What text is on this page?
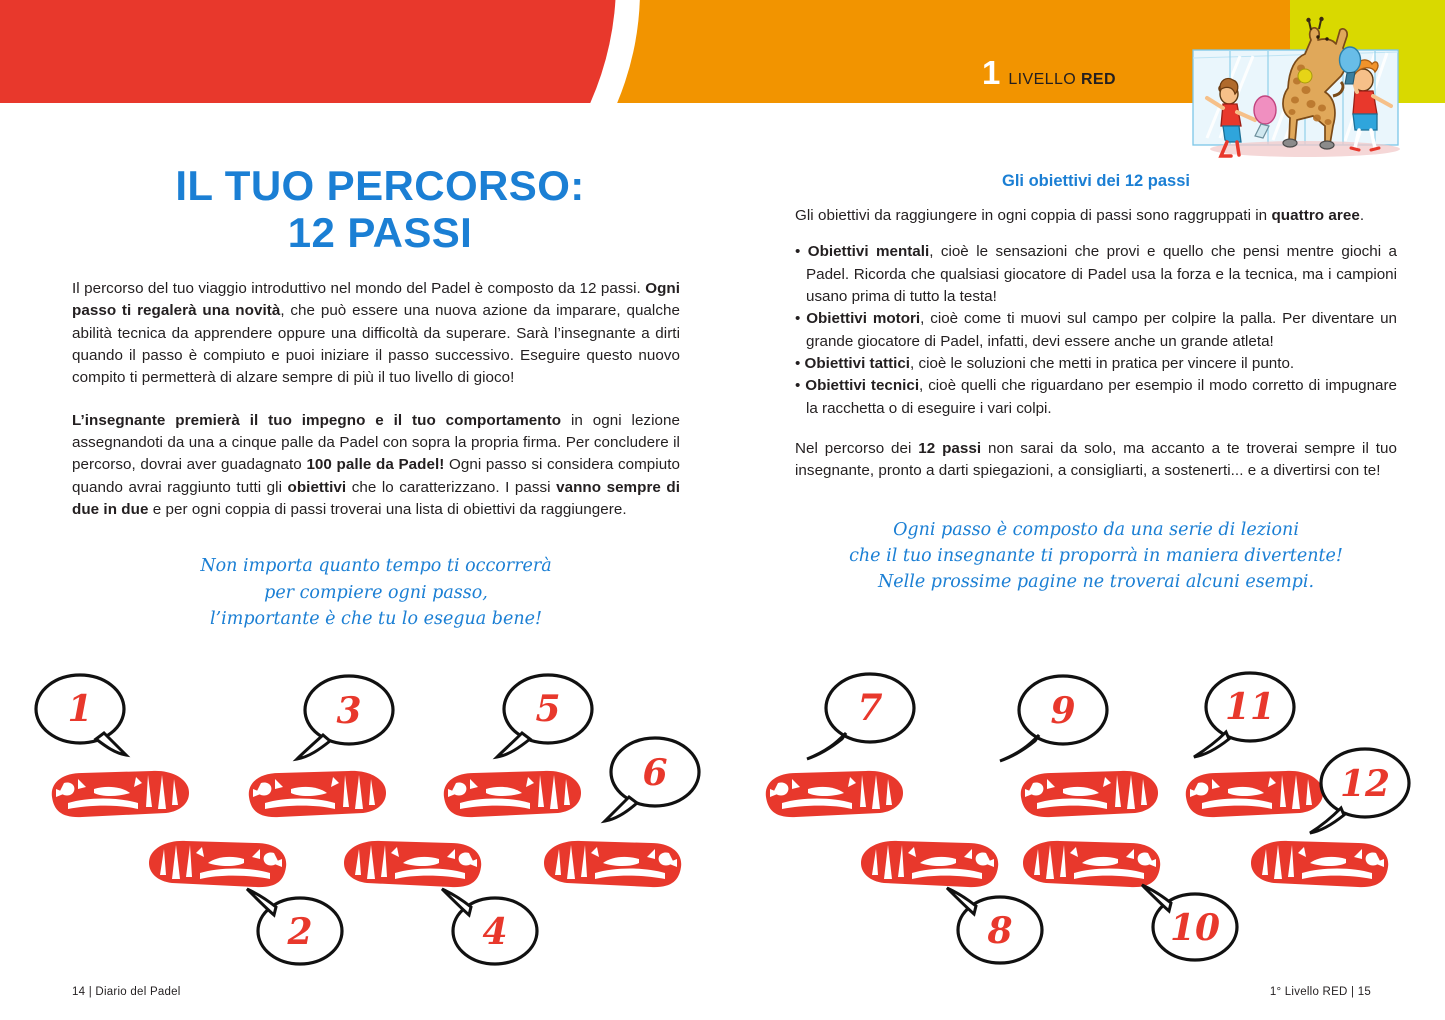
1 LIVELLO RED
IL TUO PERCORSO:
12 PASSI

Il percorso del tuo viaggio introduttivo nel mondo del Padel è composto da 12 passi. Ogni passo ti regalerà una novità, che può essere una nuova azione da imparare, qualche abilità tecnica da apprendere oppure una difficoltà da superare. Sarà l’insegnante a dirti quando il passo è compiuto e puoi iniziare il passo successivo. Eseguire questo nuovo compito ti permetterà di alzare sempre di più il tuo livello di gioco!

L’insegnante premierà il tuo impegno e il tuo comportamento in ogni lezione assegnandoti da una a cinque palle da Padel con sopra la propria firma. Per concludere il percorso, dovrai aver guadagnato 100 palle da Padel! Ogni passo si considera compiuto quando avrai raggiunto tutti gli obiettivi che lo caratterizzano. I passi vanno sempre di due in due e per ogni coppia di passi troverai una lista di obiettivi da raggiungere.

Non importa quanto tempo ti occorrerà
per compiere ogni passo,
l’importante è che tu lo esegua bene!
Gli obiettivi dei 12 passi

Gli obiettivi da raggiungere in ogni coppia di passi sono raggruppati in quattro aree.

• Obiettivi mentali, cioè le sensazioni che provi e quello che pensi mentre giochi a Padel. Ricorda che qualsiasi giocatore di Padel usa la forza e la tecnica, ma i campioni usano prima di tutto la testa!
• Obiettivi motori, cioè come ti muovi sul campo per colpire la palla. Per diventare un grande giocatore di Padel, infatti, devi essere anche un grande atleta!
• Obiettivi tattici, cioè le soluzioni che metti in pratica per vincere il punto.
• Obiettivi tecnici, cioè quelli che riguardano per esempio il modo corretto di impugnare la racchetta o di eseguire i vari colpi.

Nel percorso dei 12 passi non sarai da solo, ma accanto a te troverai sempre il tuo insegnante, pronto a darti spiegazioni, a consigliarti, a sostenerti... e a divertirsi con te!

Ogni passo è composto da una serie di lezioni
che il tuo insegnante ti proporrà in maniera divertente!
Nelle prossime pagine ne troverai alcuni esempi.
1	3	5
6
2	4
7	9	11
12
8	10
14 | Diario del Padel	1° Livello RED | 15
